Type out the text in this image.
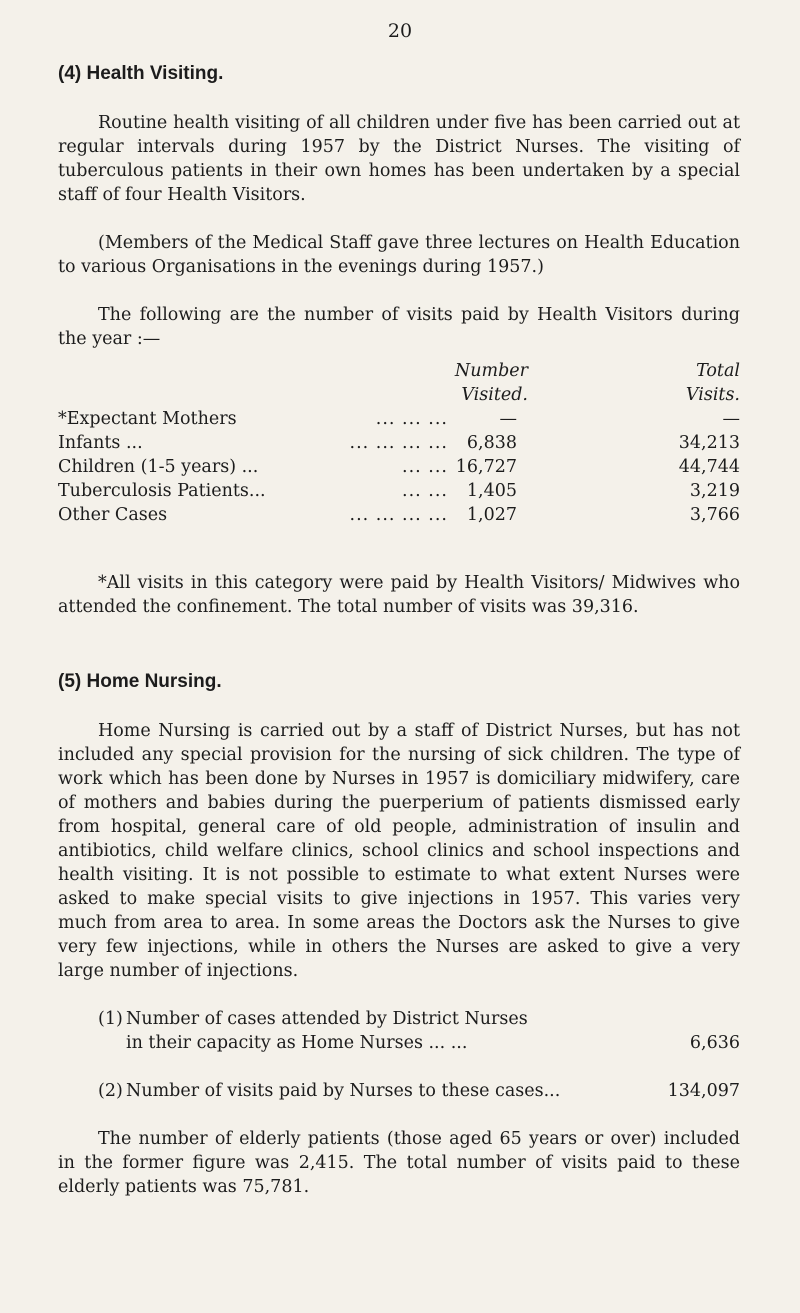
20
(4) Health Visiting.

Routine health visiting of all children under five has been carried out at regular intervals during 1957 by the District Nurses. The visiting of tuberculous patients in their own homes has been undertaken by a special staff of four Health Visitors.

(Members of the Medical Staff gave three lectures on Health Education to various Organisations in the evenings during 1957.)

The following are the number of visits paid by Health Visitors during the year :—

Number
Visited.
Total
Visits.
*Expectant Mothers	... ... ...	—	—
Infants ...	... ... ... ... 6,838	34,213
Children (1-5 years) ...	... ... 16,727	44,744
Tuberculosis Patients...	... ... 1,405	3,219
Other Cases	... ... ... ... 1,027	3,766

*All visits in this category were paid by Health Visitors/ Midwives who attended the confinement. The total number of visits was 39,316.

(5) Home Nursing.

Home Nursing is carried out by a staff of District Nurses, but has not included any special provision for the nursing of sick children. The type of work which has been done by Nurses in 1957 is domiciliary midwifery, care of mothers and babies during the puerperium of patients dismissed early from hospital, general care of old people, administration of insulin and antibiotics, child welfare clinics, school clinics and school inspections and health visiting. It is not possible to estimate to what extent Nurses were asked to make special visits to give injections in 1957. This varies very much from area to area. In some areas the Doctors ask the Nurses to give very few injections, while in others the Nurses are asked to give a very large number of injections.

(1) Number of cases attended by District Nurses
in their capacity as Home Nurses ... ...	6,636
(2) Number of visits paid by Nurses to these cases...	134,097

The number of elderly patients (those aged 65 years or over) included in the former figure was 2,415. The total number of visits paid to these elderly patients was 75,781.
